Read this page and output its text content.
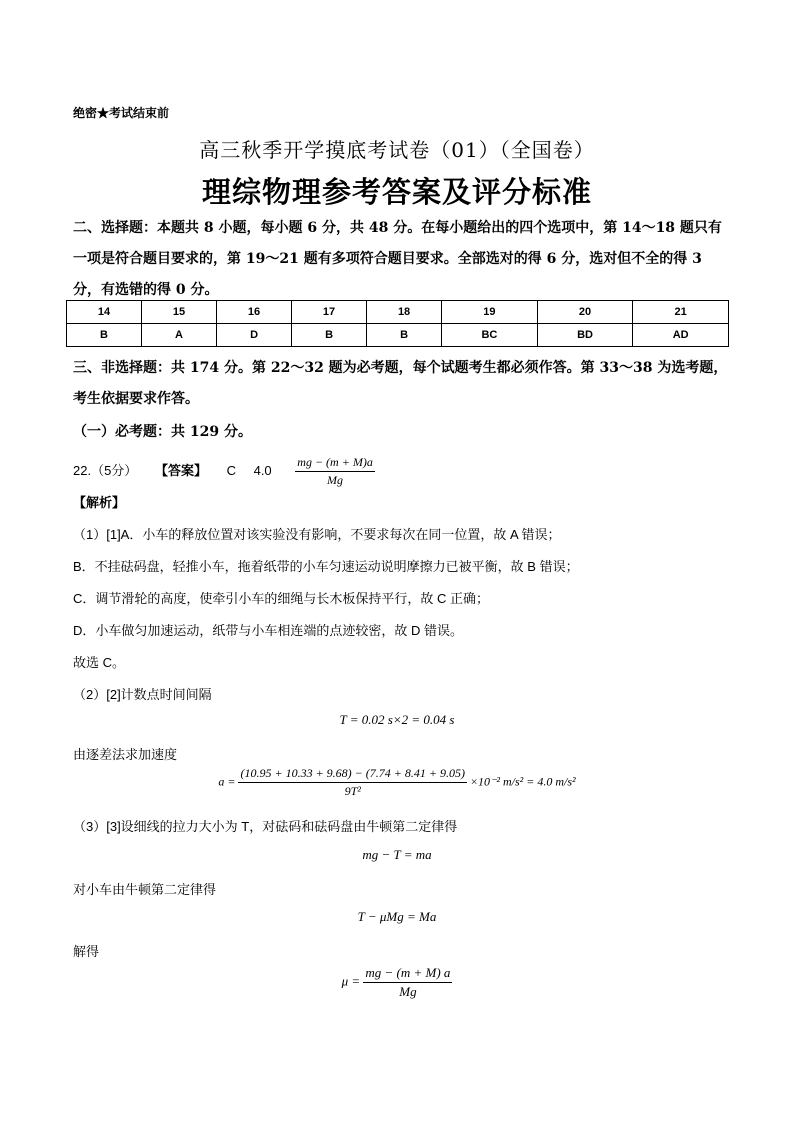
绝密★考试结束前
高三秋季开学摸底考试卷（01）（全国卷）
理综物理参考答案及评分标准
二、选择题：本题共 8 小题，每小题 6 分，共 48 分。在每小题给出的四个选项中，第 14～18 题只有一项是符合题目要求的，第 19～21 题有多项符合题目要求。全部选对的得 6 分，选对但不全的得 3 分，有选错的得 0 分。
14	15	16	17	18	19	20	21
B	A	D	B	B	BC	BD	AD
三、非选择题：共 174 分。第 22～32 题为必考题，每个试题考生都必须作答。第 33～38 为选考题，考生依据要求作答。
（一）必考题：共 129 分。
22.（5分） 【答案】 C $4.0 \frac{mg - (m + M)a}{Mg}$
【解析】
（1）[1]A．小车的释放位置对该实验没有影响，不要求每次在同一位置，故 A 错误；
B．不挂砝码盘，轻推小车，拖着纸带的小车匀速运动说明摩擦力已被平衡，故 B 错误；
C．调节滑轮的高度，使牵引小车的细绳与长木板保持平行，故 C 正确；
D．小车做匀加速运动，纸带与小车相连端的点迹较密，故 D 错误。
故选 C。
（2）[2]计数点时间间隔
T = 0.02 s×2 = 0.04 s
由逐差法求加速度
$a = \frac{(10.95 + 10.33 + 9.68) - (7.74 + 8.41 + 9.05)}{\text{9T²}} \times 10^{-2}$ m/s² = 4.0 m/s²
（3）[3]设细线的拉力大小为 T，对砝码和砝码盘由牛顿第二定律得
mg − T = ma
对小车由牛顿第二定律得
T − μMg = Ma
解得
$\mu = \frac{mg - (m + M) a}{Mg}$
